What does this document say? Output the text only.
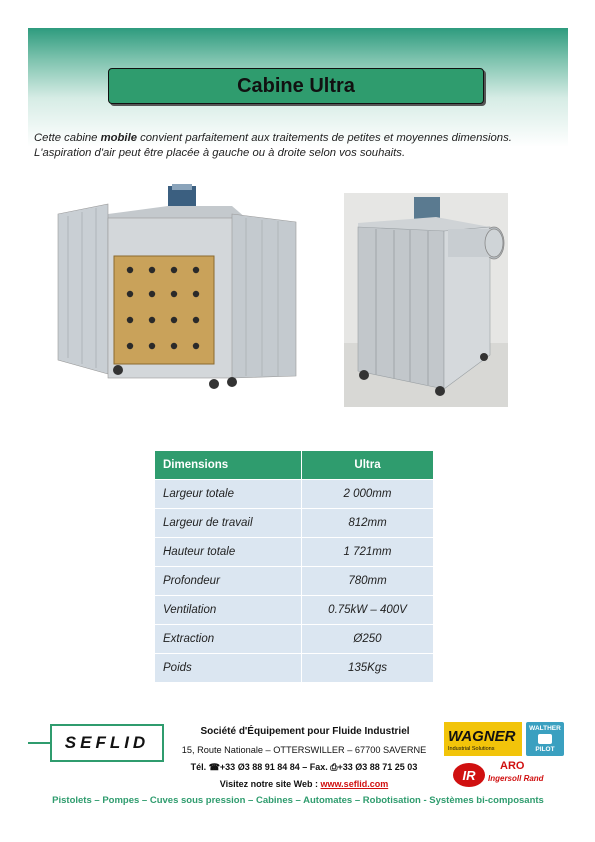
Cabine Ultra
Cette cabine mobile convient parfaitement aux traitements de petites et moyennes dimensions.
L'aspiration d'air peut être placée à gauche ou à droite selon vos souhaits.
Dimensions	Ultra
Largeur totale	2 000mm
Largeur de travail	812mm
Hauteur totale	1 721mm
Profondeur	780mm
Ventilation	0.75kW – 400V
Extraction	Ø250
Poids	135Kgs
SEFLID
Société d'Équipement pour Fluide Industriel
15, Route Nationale – OTTERSWILLER – 67700 SAVERNE
Tél. ☎+33 Ø3 88 91 84 84 – Fax. ⎙+33 Ø3 88 71 25 03
Visitez notre site Web : www.seflid.com
WAGNER
Industrial Solutions
WALTHER
PILOT
IR
ARO
Ingersoll Rand
Pistolets – Pompes – Cuves sous pression – Cabines – Automates – Robotisation - Systèmes bi-composants
